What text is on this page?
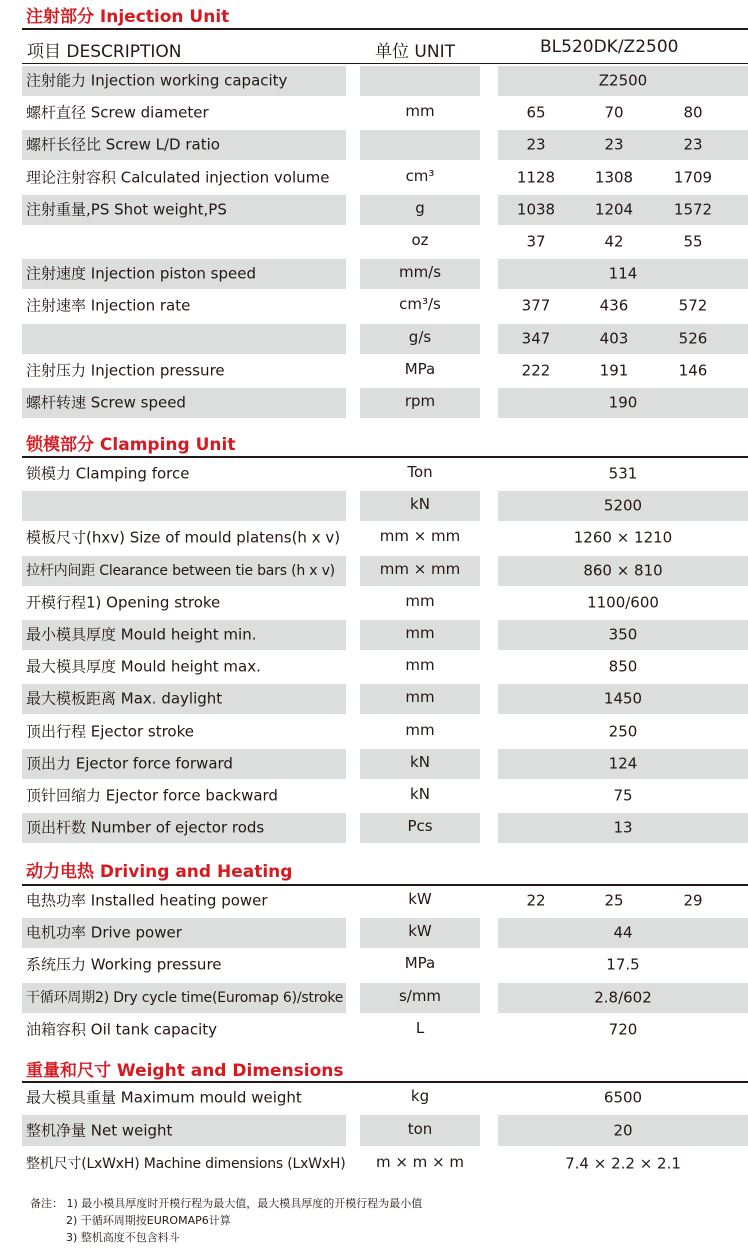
注射部分 Injection Unit
项目 DESCRIPTION	单位 UNIT	BL520DK/Z2500
注射能力 Injection working capacity	Z2500
螺杆直径 Screw diameter	mm	65	70	80
螺杆长径比 Screw L/D ratio	23	23	23
理论注射容积 Calculated injection volume	cm³	1128	1308	1709
注射重量,PS Shot weight,PS	g	1038	1204	1572
oz	37	42	55
注射速度 Injection piston speed	mm/s	114
注射速率 Injection rate	cm³/s	377	436	572
g/s	347	403	526
注射压力 Injection pressure	MPa	222	191	146
螺杆转速 Screw speed	rpm	190
锁模部分 Clamping Unit
锁模力 Clamping force	Ton	531
kN	5200
模板尺寸(hxv) Size of mould platens(h x v)	mm × mm	1260 × 1210
拉杆内间距 Clearance between tie bars (h x v)	mm × mm	860 × 810
开模行程1) Opening stroke	mm	1100/600
最小模具厚度 Mould height min.	mm	350
最大模具厚度 Mould height max.	mm	850
最大模板距离 Max. daylight	mm	1450
顶出行程 Ejector stroke	mm	250
顶出力 Ejector force forward	kN	124
顶针回缩力 Ejector force backward	kN	75
顶出杆数 Number of ejector rods	Pcs	13
动力电热 Driving and Heating
电热功率 Installed heating power	kW	22	25	29
电机功率 Drive power	kW	44
系统压力 Working pressure	MPa	17.5
干循环周期2) Dry cycle time(Euromap 6)/stroke	s/mm	2.8/602
油箱容积 Oil tank capacity	L	720
重量和尺寸 Weight and Dimensions
最大模具重量 Maximum mould weight	kg	6500
整机净量 Net weight	ton	20
整机尺寸(LxWxH) Machine dimensions (LxWxH)	m × m × m	7.4 × 2.2 × 2.1
备注： 1) 最小模具厚度时开模行程为最大值，最大模具厚度的开模行程为最小值
2) 干循环周期按EUROMAP6计算
3) 整机高度不包含料斗
